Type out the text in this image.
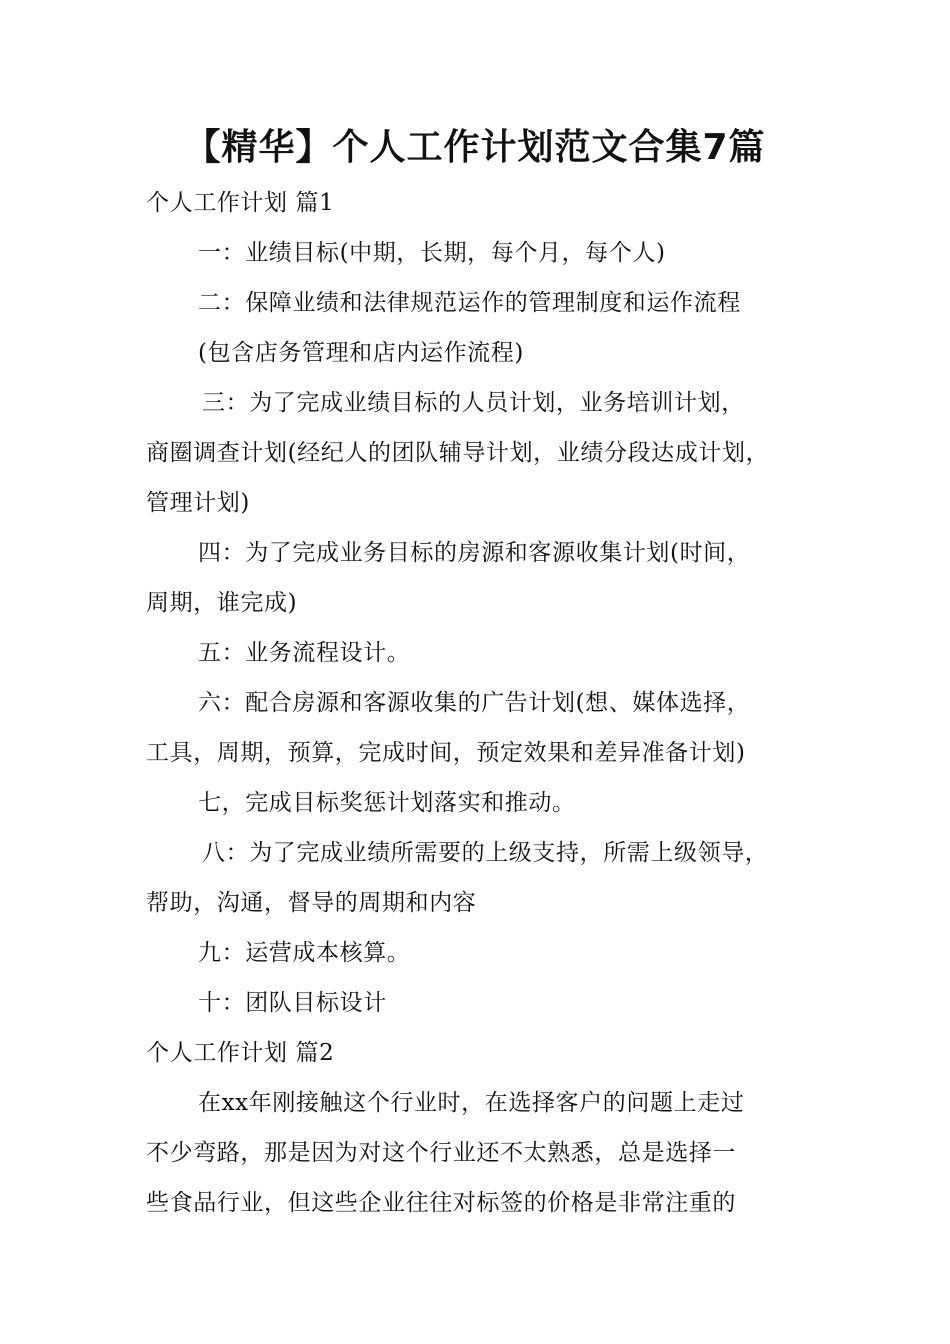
【精华】个人工作计划范文合集7篇
个人工作计划 篇1
一：业绩目标(中期，长期，每个月，每个人)
二：保障业绩和法律规范运作的管理制度和运作流程
(包含店务管理和店内运作流程)
三：为了完成业绩目标的人员计划，业务培训计划，
商圈调查计划(经纪人的团队辅导计划，业绩分段达成计划，
管理计划)
四：为了完成业务目标的房源和客源收集计划(时间，
周期，谁完成)
五：业务流程设计。
六：配合房源和客源收集的广告计划(想、媒体选择，
工具，周期，预算，完成时间，预定效果和差异准备计划)
七，完成目标奖惩计划落实和推动。
八：为了完成业绩所需要的上级支持，所需上级领导，
帮助，沟通，督导的周期和内容
九：运营成本核算。
十：团队目标设计
个人工作计划 篇2
在xx年刚接触这个行业时，在选择客户的问题上走过
不少弯路，那是因为对这个行业还不太熟悉，总是选择一
些食品行业，但这些企业往往对标签的价格是非常注重的
